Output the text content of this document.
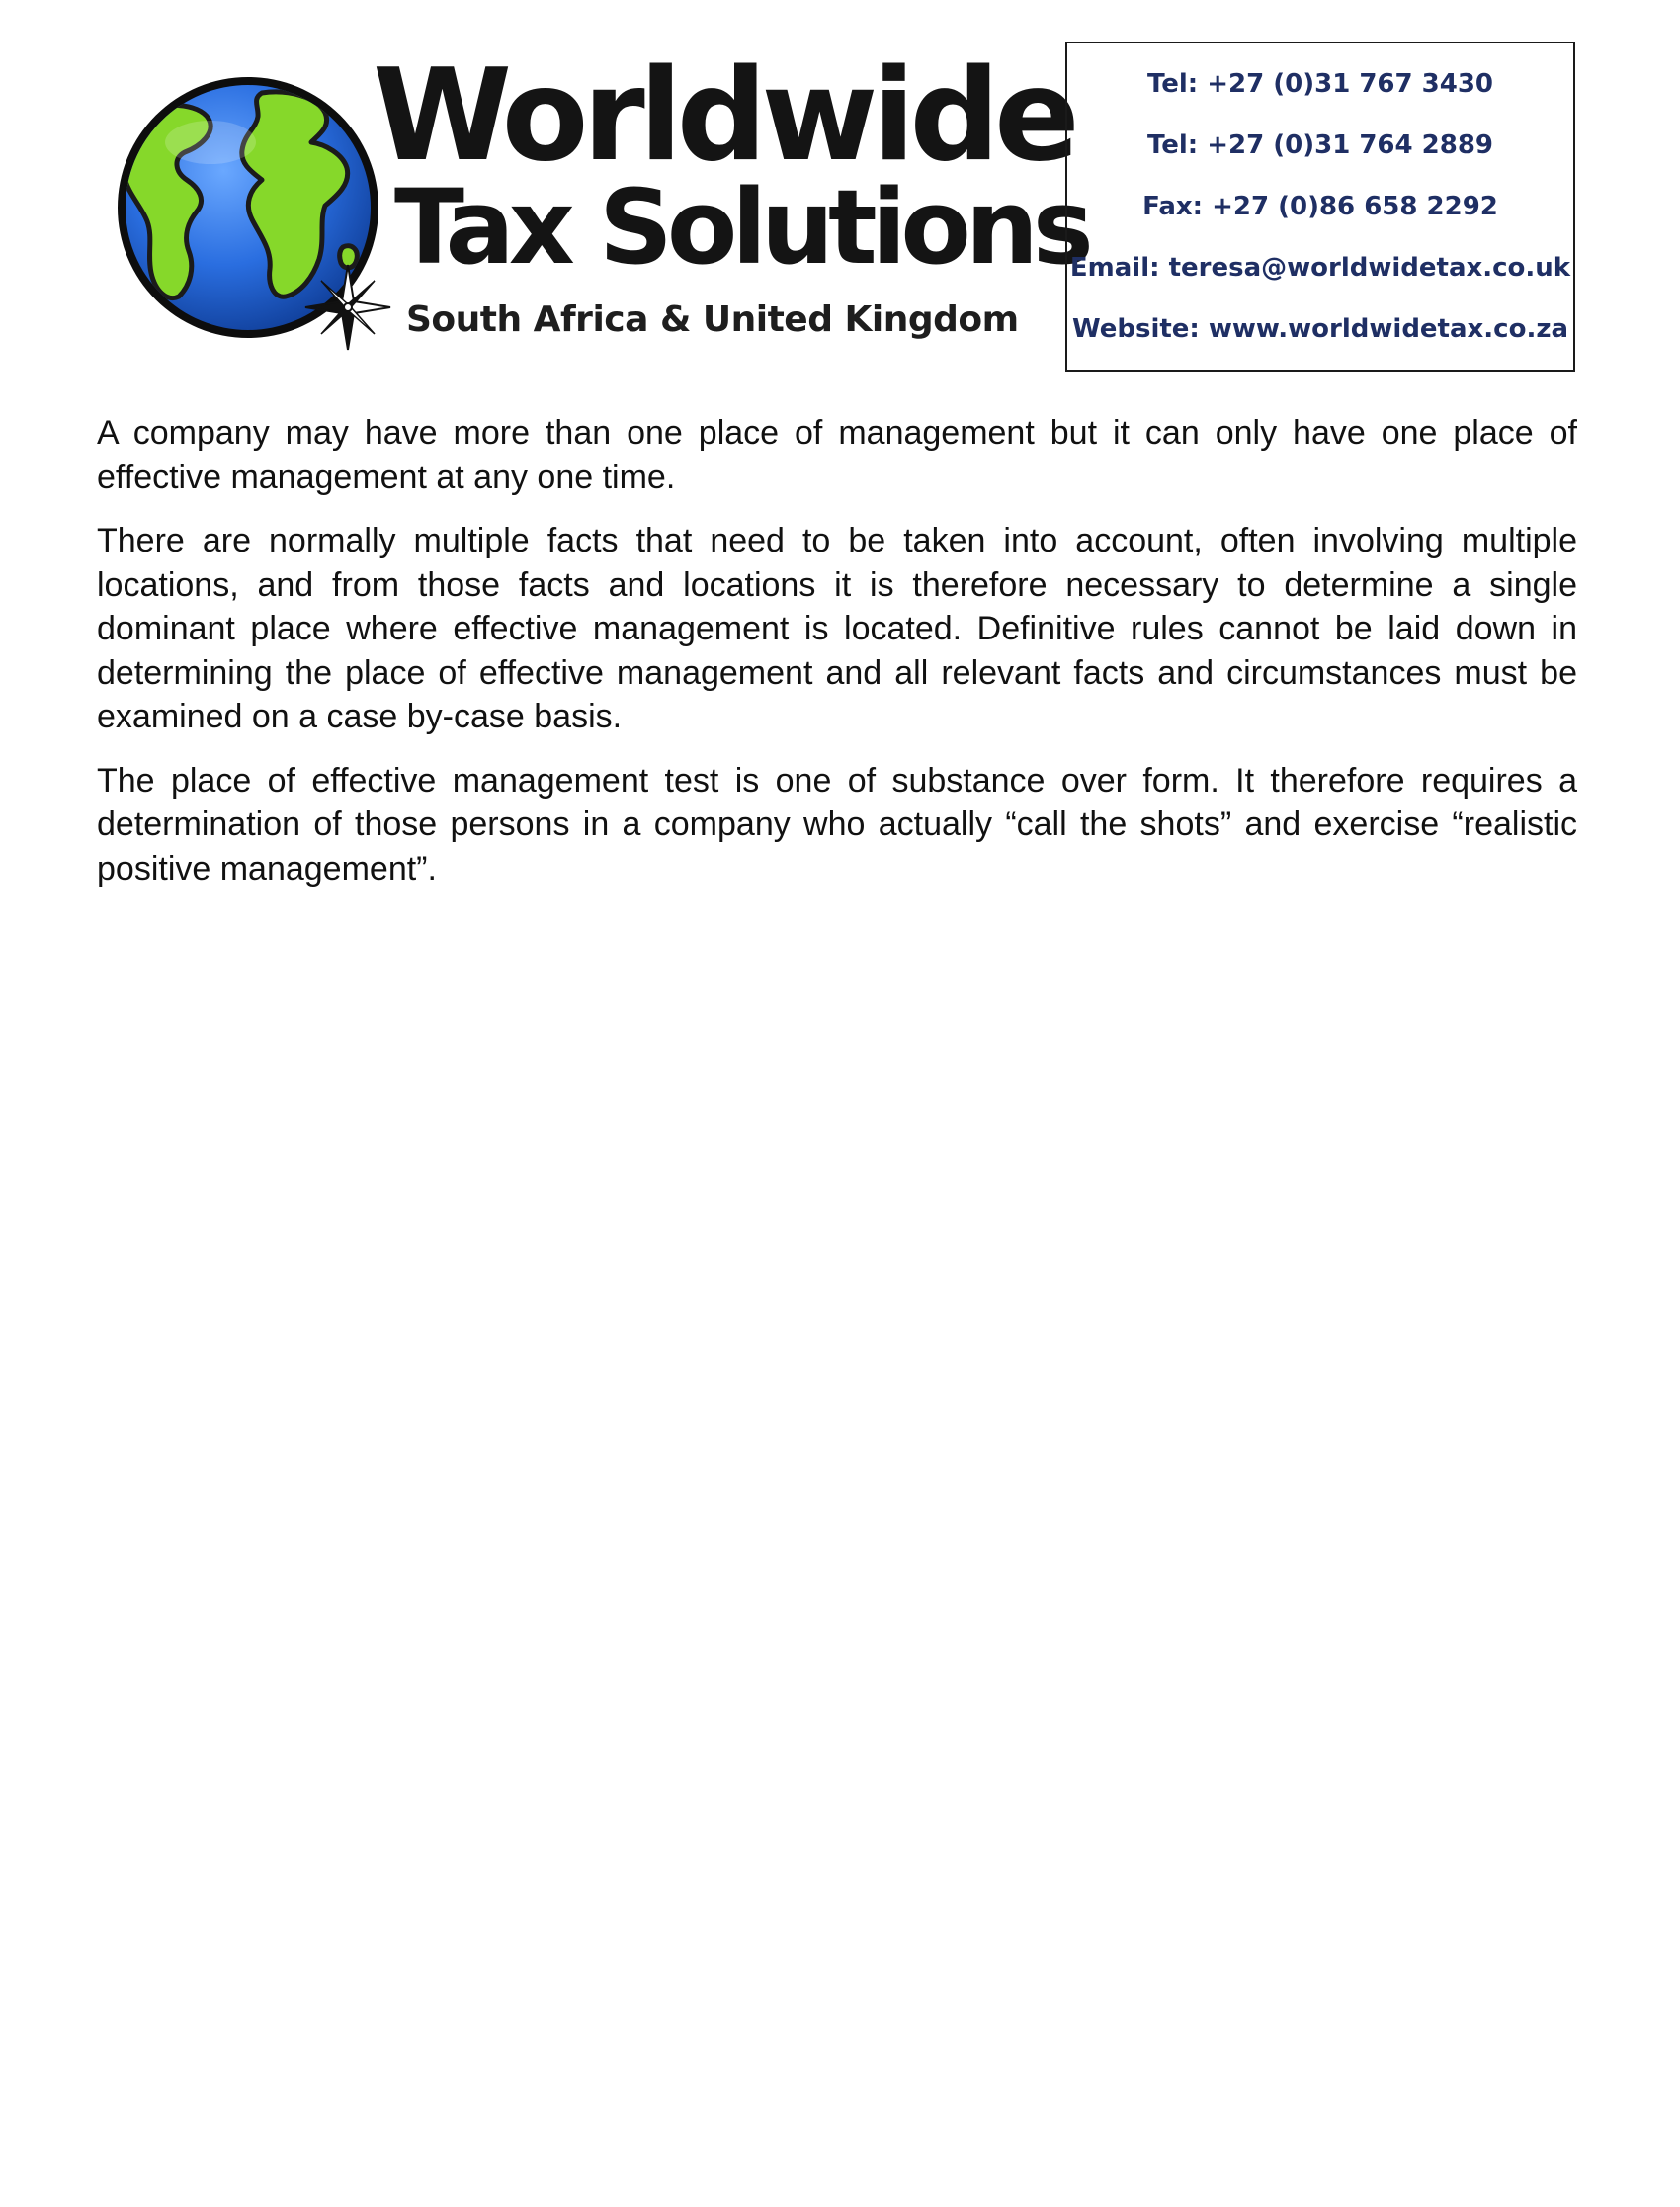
Worldwide
Tax Solutions
South Africa & United Kingdom
Tel: +27 (0)31 767 3430
Tel: +27 (0)31 764 2889
Fax: +27 (0)86 658 2292
Email: teresa@worldwidetax.co.uk
Website: www.worldwidetax.co.za

A company may have more than one place of management but it can only have one place of effective management at any one time.

There are normally multiple facts that need to be taken into account, often involving multiple locations, and from those facts and locations it is therefore necessary to determine a single dominant place where effective management is located. Definitive rules cannot be laid down in determining the place of effective management and all relevant facts and circumstances must be examined on a case by-case basis.

The place of effective management test is one of substance over form. It therefore requires a determination of those persons in a company who actually “call the shots” and exercise “realistic positive management”.
